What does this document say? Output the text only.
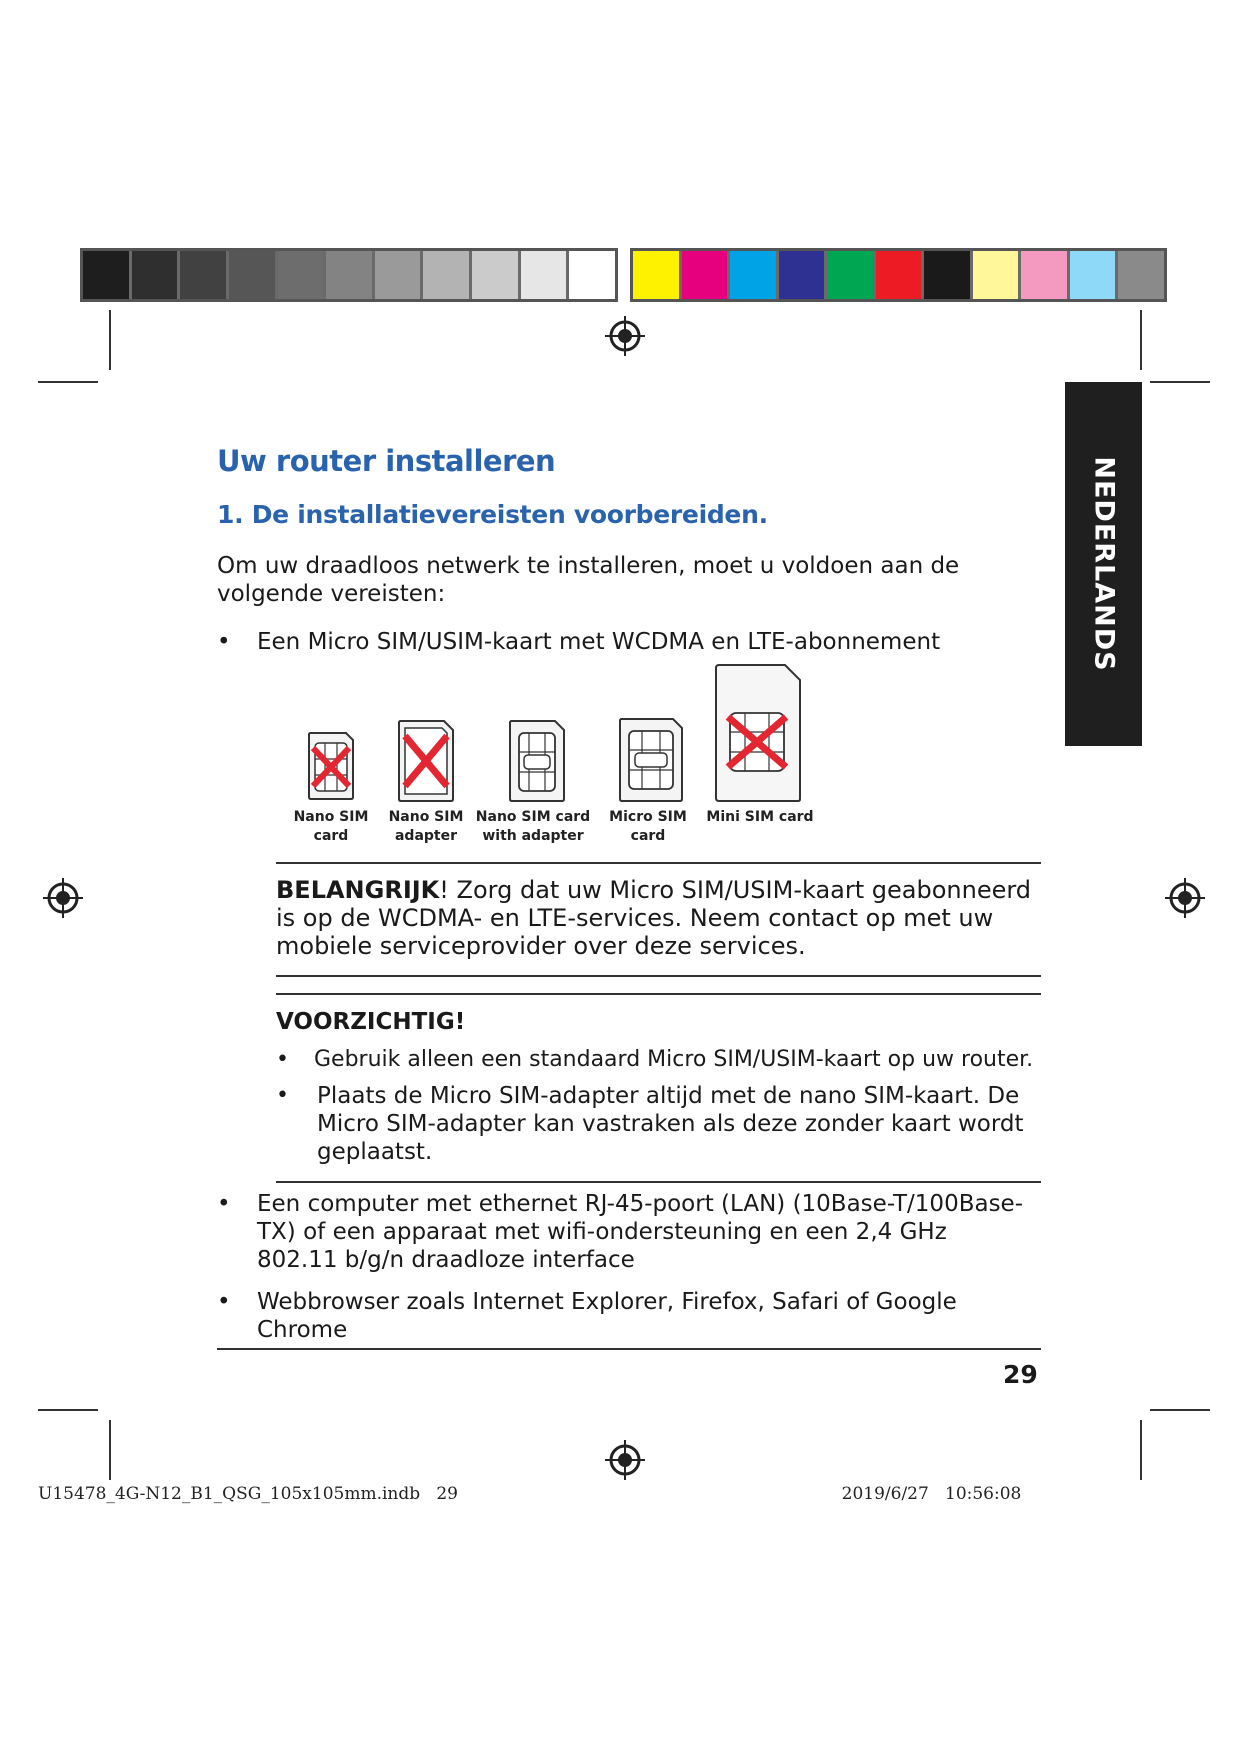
NEDERLANDS
Uw router installeren
1. De installatievereisten voorbereiden.
Om uw draadloos netwerk te installeren, moet u voldoen aan de volgende vereisten:
• Een Micro SIM/USIM-kaart met WCDMA en LTE-abonnement
Nano SIM
card
Nano SIM
adapter
Nano SIM card
with adapter
Micro SIM
card
Mini SIM card
BELANGRIJK! Zorg dat uw Micro SIM/USIM-kaart geabonneerd is op de WCDMA- en LTE-services. Neem contact op met uw mobiele serviceprovider over deze services.
VOORZICHTIG!
• Gebruik alleen een standaard Micro SIM/USIM-kaart op uw router.
• Plaats de Micro SIM-adapter altijd met de nano SIM-kaart. De Micro SIM-adapter kan vastraken als deze zonder kaart wordt geplaatst.
• Een computer met ethernet RJ-45-poort (LAN) (10Base-T/100Base-TX) of een apparaat met wifi-ondersteuning en een 2,4 GHz 802.11 b/g/n draadloze interface
• Webbrowser zoals Internet Explorer, Firefox, Safari of Google Chrome
29
U15478_4G-N12_B1_QSG_105x105mm.indb   29                                                                       2019/6/27   10:56:08
